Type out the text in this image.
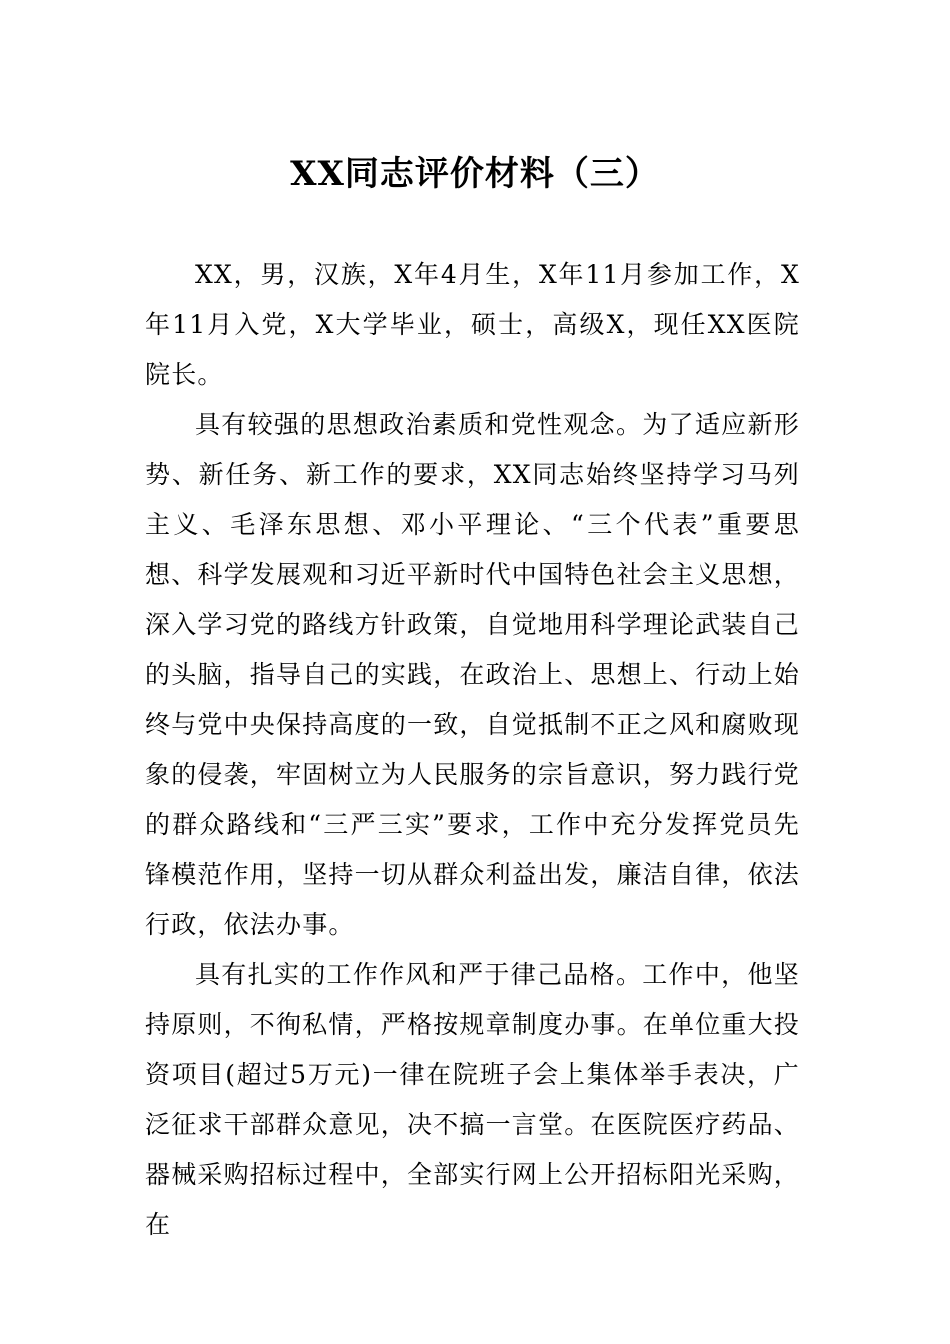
XX同志评价材料（三）

XX，男，汉族，X年4月生，X年11月参加工作，X年11月入党，X大学毕业，硕士，高级X，现任XX医院院长。

具有较强的思想政治素质和党性观念。为了适应新形势、新任务、新工作的要求，XX同志始终坚持学习马列主义、毛泽东思想、邓小平理论、“三个代表”重要思想、科学发展观和习近平新时代中国特色社会主义思想，深入学习党的路线方针政策，自觉地用科学理论武装自己的头脑，指导自己的实践，在政治上、思想上、行动上始终与党中央保持高度的一致，自觉抵制不正之风和腐败现象的侵袭，牢固树立为人民服务的宗旨意识，努力践行党的群众路线和“三严三实”要求，工作中充分发挥党员先锋模范作用，坚持一切从群众利益出发，廉洁自律，依法行政，依法办事。

具有扎实的工作作风和严于律己品格。工作中，他坚持原则，不徇私情，严格按规章制度办事。在单位重大投资项目(超过5万元)一律在院班子会上集体举手表决，广泛征求干部群众意见，决不搞一言堂。在医院医疗药品、器械采购招标过程中，全部实行网上公开招标阳光采购，在
